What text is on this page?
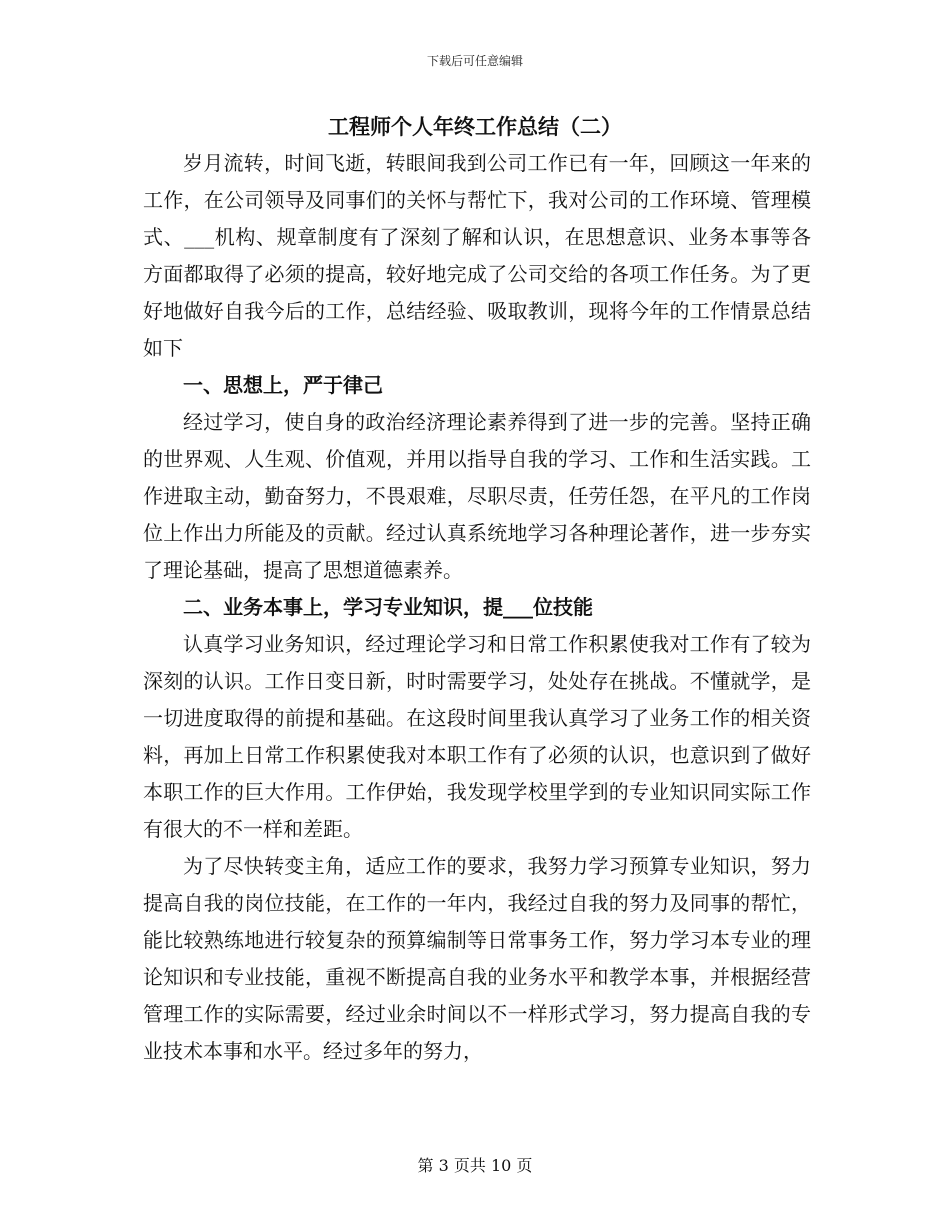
下载后可任意编辑
工程师个人年终工作总结（二）

岁月流转，时间飞逝，转眼间我到公司工作已有一年，回顾这一年来的工作，在公司领导及同事们的关怀与帮忙下，我对公司的工作环境、管理模式、___机构、规章制度有了深刻了解和认识，在思想意识、业务本事等各方面都取得了必须的提高，较好地完成了公司交给的各项工作任务。为了更好地做好自我今后的工作，总结经验、吸取教训，现将今年的工作情景总结如下

一、思想上，严于律己

经过学习，使自身的政治经济理论素养得到了进一步的完善。坚持正确的世界观、人生观、价值观，并用以指导自我的学习、工作和生活实践。工作进取主动，勤奋努力，不畏艰难，尽职尽责，任劳任怨，在平凡的工作岗位上作出力所能及的贡献。经过认真系统地学习各种理论著作，进一步夯实了理论基础，提高了思想道德素养。

二、业务本事上，学习专业知识，提___位技能

认真学习业务知识，经过理论学习和日常工作积累使我对工作有了较为深刻的认识。工作日变日新，时时需要学习，处处存在挑战。不懂就学，是一切进度取得的前提和基础。在这段时间里我认真学习了业务工作的相关资料，再加上日常工作积累使我对本职工作有了必须的认识，也意识到了做好本职工作的巨大作用。工作伊始，我发现学校里学到的专业知识同实际工作有很大的不一样和差距。

为了尽快转变主角，适应工作的要求，我努力学习预算专业知识，努力提高自我的岗位技能，在工作的一年内，我经过自我的努力及同事的帮忙，能比较熟练地进行较复杂的预算编制等日常事务工作，努力学习本专业的理论知识和专业技能，重视不断提高自我的业务水平和教学本事，并根据经营管理工作的实际需要，经过业余时间以不一样形式学习，努力提高自我的专业技术本事和水平。经过多年的努力，

第 3 页共 10 页
